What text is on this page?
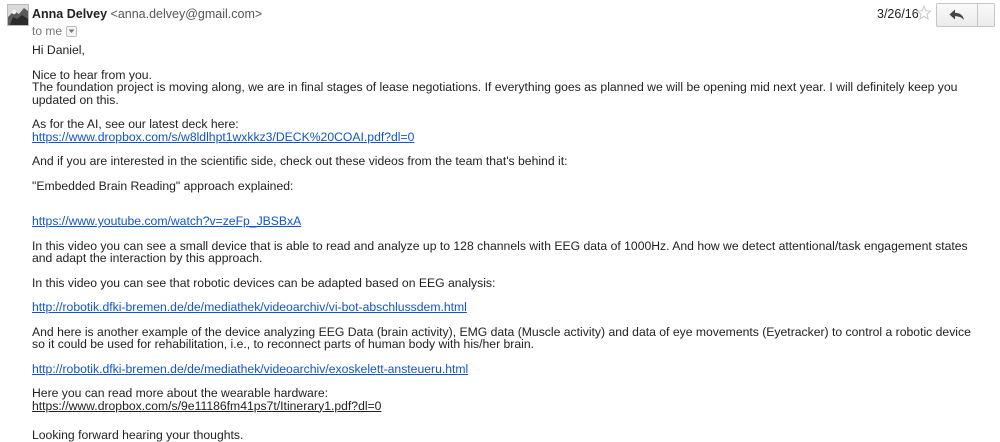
Anna Delvey <anna.delvey@gmail.com>
to me
3/26/16

Hi Daniel,

Nice to hear from you.

The foundation project is moving along, we are in final stages of lease negotiations. If everything goes as planned we will be opening mid next year. I will definitely keep you updated on this.

As for the AI, see our latest deck here:

https://www.dropbox.com/s/w8ldlhpt1wxkkz3/DECK%20COAI.pdf?dl=0

And if you are interested in the scientific side, check out these videos from the team that's behind it:

"Embedded Brain Reading" approach explained:

https://www.youtube.com/watch?v=zeFp_JBSBxA

In this video you can see a small device that is able to read and analyze up to 128 channels with EEG data of 1000Hz. And how we detect attentional/task engagement states and adapt the interaction by this approach.

In this video you can see that robotic devices can be adapted based on EEG analysis:

http://robotik.dfki-bremen.de/de/mediathek/videoarchiv/vi-bot-abschlussdem.html

And here is another example of the device analyzing EEG Data (brain activity), EMG data (Muscle activity) and data of eye movements (Eyetracker) to control a robotic device so it could be used for rehabilitation, i.e., to reconnect parts of human body with his/her brain.

http://robotik.dfki-bremen.de/de/mediathek/videoarchiv/exoskelett-ansteueru.html

Here you can read more about the wearable hardware:

https://www.dropbox.com/s/9e11186fm41ps7t/Itinerary1.pdf?dl=0

Looking forward hearing your thoughts.
